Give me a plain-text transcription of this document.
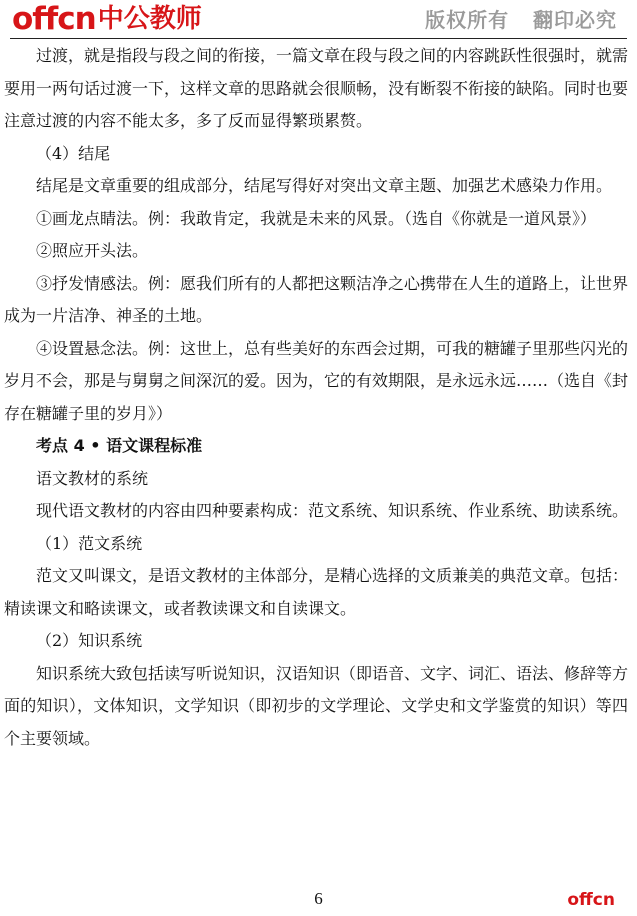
offcn 中公教师	版权所有   翻印必究

过渡，就是指段与段之间的衔接，一篇文章在段与段之间的内容跳跃性很强时，就需要用一两句话过渡一下，这样文章的思路就会很顺畅，没有断裂不衔接的缺陷。同时也要注意过渡的内容不能太多，多了反而显得繁琐累赘。

（4）结尾

结尾是文章重要的组成部分，结尾写得好对突出文章主题、加强艺术感染力作用。

①画龙点睛法。例：我敢肯定，我就是未来的风景。（选自《你就是一道风景》）

②照应开头法。

③抒发情感法。例：愿我们所有的人都把这颗洁净之心携带在人生的道路上，让世界成为一片洁净、神圣的土地。

④设置悬念法。例：这世上，总有些美好的东西会过期，可我的糖罐子里那些闪光的岁月不会，那是与舅舅之间深沉的爱。因为，它的有效期限，是永远永远……（选自《封存在糖罐子里的岁月》）

考点 4 • 语文课程标准

语文教材的系统

现代语文教材的内容由四种要素构成：范文系统、知识系统、作业系统、助读系统。

（1）范文系统

范文又叫课文，是语文教材的主体部分，是精心选择的文质兼美的典范文章。包括：精读课文和略读课文，或者教读课文和自读课文。

（2）知识系统

知识系统大致包括读写听说知识，汉语知识（即语音、文字、词汇、语法、修辞等方面的知识），文体知识，文学知识（即初步的文学理论、文学史和文学鉴赏的知识）等四个主要领域。

6	offcn
